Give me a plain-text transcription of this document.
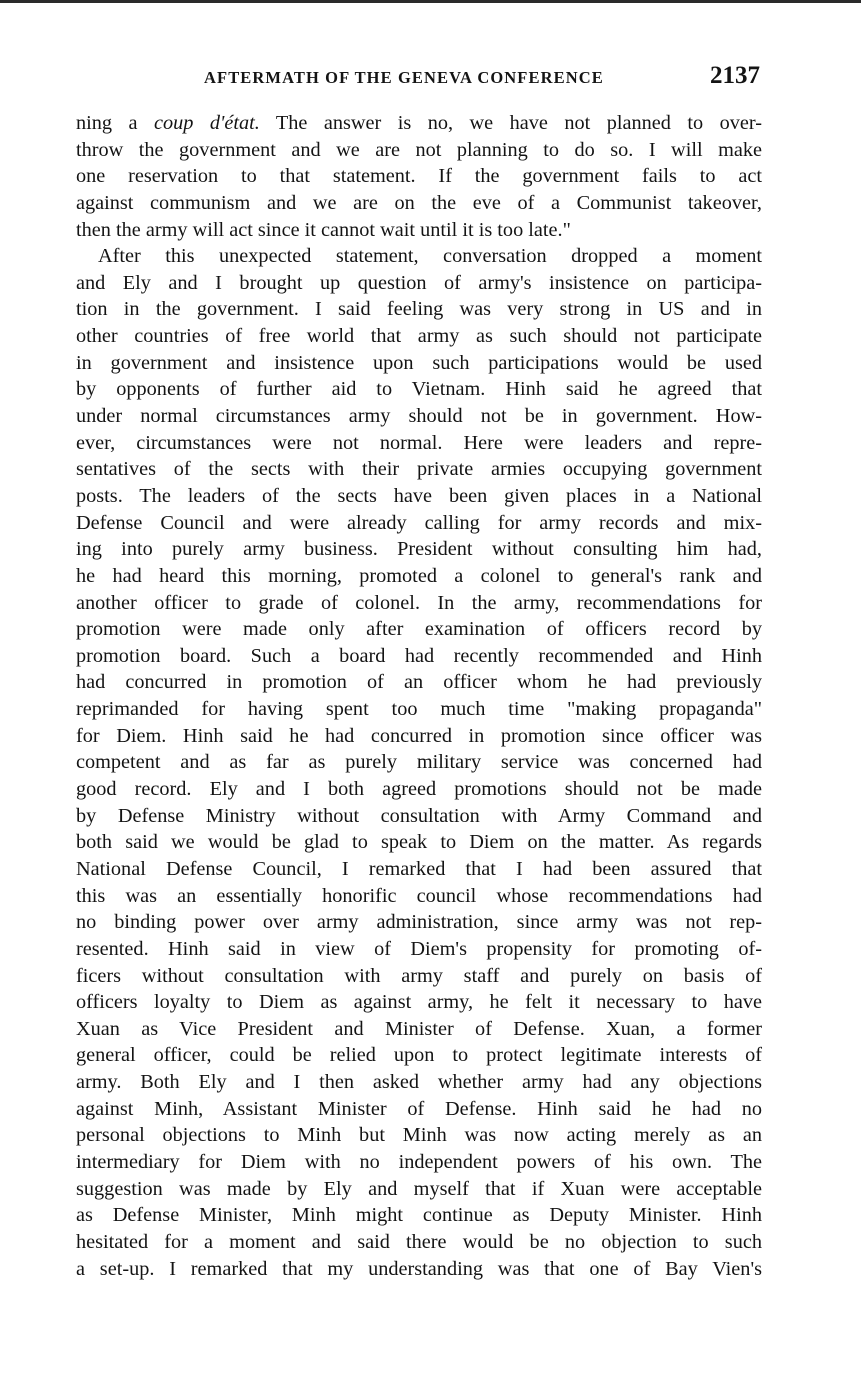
AFTERMATH OF THE GENEVA CONFERENCE	2137
ning a coup d'état. The answer is no, we have not planned to over-
throw the government and we are not planning to do so. I will make
one reservation to that statement. If the government fails to act
against communism and we are on the eve of a Communist takeover,
then the army will act since it cannot wait until it is too late."
After this unexpected statement, conversation dropped a moment
and Ely and I brought up question of army's insistence on participa-
tion in the government. I said feeling was very strong in US and in
other countries of free world that army as such should not participate
in government and insistence upon such participations would be used
by opponents of further aid to Vietnam. Hinh said he agreed that
under normal circumstances army should not be in government. How-
ever, circumstances were not normal. Here were leaders and repre-
sentatives of the sects with their private armies occupying government
posts. The leaders of the sects have been given places in a National
Defense Council and were already calling for army records and mix-
ing into purely army business. President without consulting him had,
he had heard this morning, promoted a colonel to general's rank and
another officer to grade of colonel. In the army, recommendations for
promotion were made only after examination of officers record by
promotion board. Such a board had recently recommended and Hinh
had concurred in promotion of an officer whom he had previously
reprimanded for having spent too much time "making propaganda"
for Diem. Hinh said he had concurred in promotion since officer was
competent and as far as purely military service was concerned had
good record. Ely and I both agreed promotions should not be made
by Defense Ministry without consultation with Army Command and
both said we would be glad to speak to Diem on the matter. As regards
National Defense Council, I remarked that I had been assured that
this was an essentially honorific council whose recommendations had
no binding power over army administration, since army was not rep-
resented. Hinh said in view of Diem's propensity for promoting of-
ficers without consultation with army staff and purely on basis of
officers loyalty to Diem as against army, he felt it necessary to have
Xuan as Vice President and Minister of Defense. Xuan, a former
general officer, could be relied upon to protect legitimate interests of
army. Both Ely and I then asked whether army had any objections
against Minh, Assistant Minister of Defense. Hinh said he had no
personal objections to Minh but Minh was now acting merely as an
intermediary for Diem with no independent powers of his own. The
suggestion was made by Ely and myself that if Xuan were acceptable
as Defense Minister, Minh might continue as Deputy Minister. Hinh
hesitated for a moment and said there would be no objection to such
a set-up. I remarked that my understanding was that one of Bay Vien's
